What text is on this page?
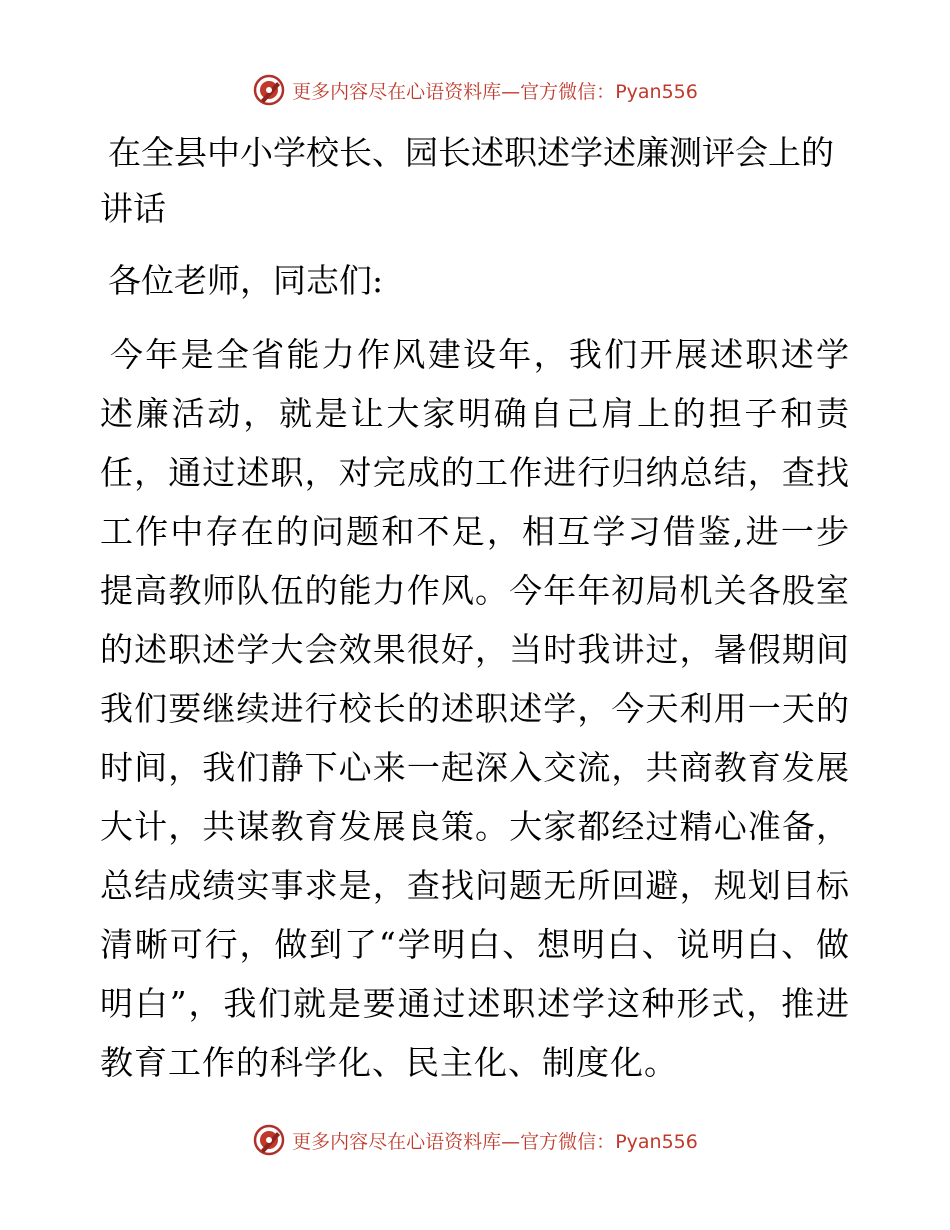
更多内容尽在心语资料库—官方微信：Pyan556
在全县中小学校长、园长述职述学述廉测评会上的讲话

各位老师，同志们:

今年是全省能力作风建设年，我们开展述职述学述廉活动，就是让大家明确自己肩上的担子和责任，通过述职，对完成的工作进行归纳总结，查找工作中存在的问题和不足，相互学习借鉴,进一步提高教师队伍的能力作风。今年年初局机关各股室的述职述学大会效果很好，当时我讲过，暑假期间我们要继续进行校长的述职述学，今天利用一天的时间，我们静下心来一起深入交流，共商教育发展大计，共谋教育发展良策。大家都经过精心准备，总结成绩实事求是，查找问题无所回避，规划目标清晰可行，做到了“学明白、想明白、说明白、做明白”，我们就是要通过述职述学这种形式，推进教育工作的科学化、民主化、制度化。

更多内容尽在心语资料库—官方微信：Pyan556
